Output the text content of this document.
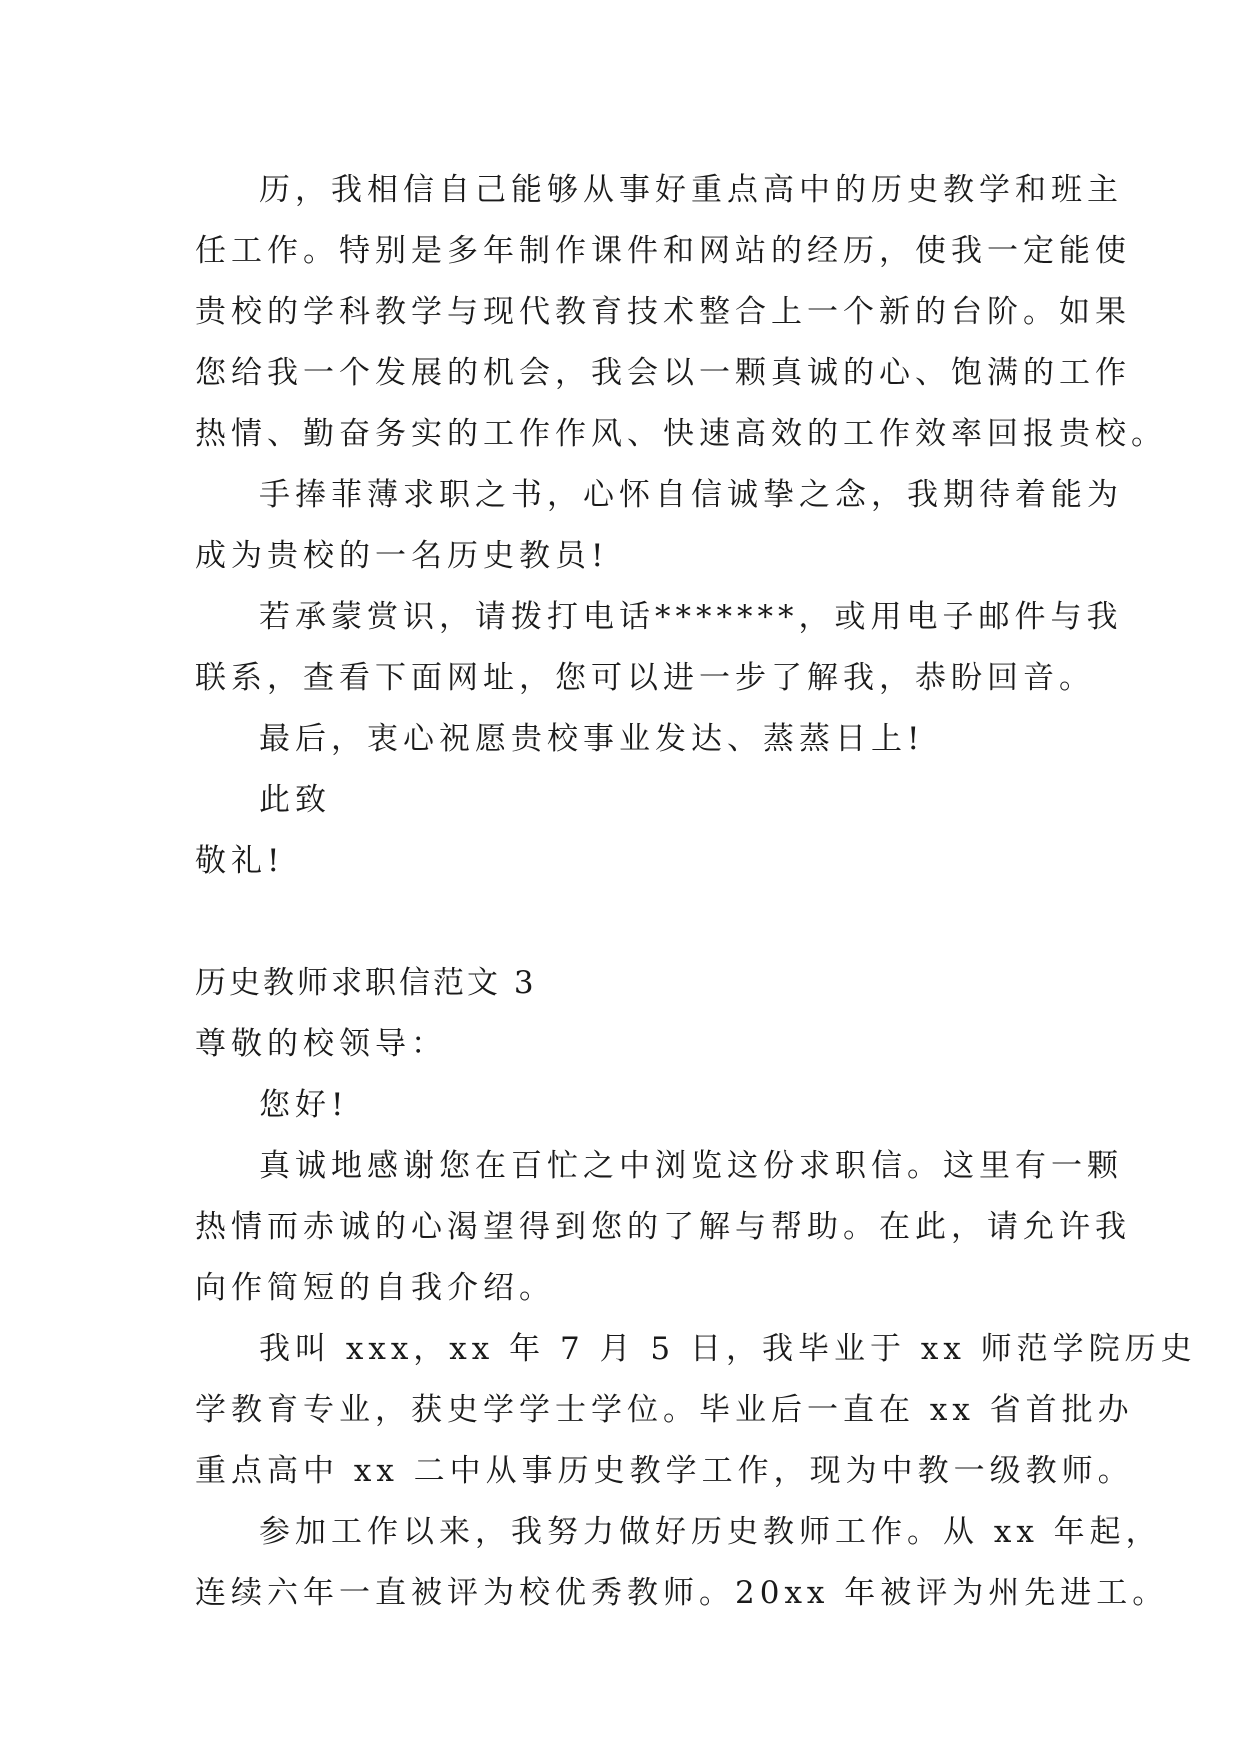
历，我相信自己能够从事好重点高中的历史教学和班主
任工作。特别是多年制作课件和网站的经历，使我一定能使
贵校的学科教学与现代教育技术整合上一个新的台阶。如果
您给我一个发展的机会，我会以一颗真诚的心、饱满的工作
热情、勤奋务实的工作作风、快速高效的工作效率回报贵校。
手捧菲薄求职之书，心怀自信诚挚之念，我期待着能为
成为贵校的一名历史教员!
若承蒙赏识，请拨打电话*******，或用电子邮件与我
联系，查看下面网址，您可以进一步了解我，恭盼回音。
最后，衷心祝愿贵校事业发达、蒸蒸日上!
此致
敬礼!
历史教师求职信范文 3
尊敬的校领导：
您好!
真诚地感谢您在百忙之中浏览这份求职信。这里有一颗
热情而赤诚的心渴望得到您的了解与帮助。在此，请允许我
向作简短的自我介绍。
我叫 xxx，xx 年 7 月 5 日，我毕业于 xx 师范学院历史
学教育专业，获史学学士学位。毕业后一直在 xx 省首批办
重点高中 xx 二中从事历史教学工作，现为中教一级教师。
参加工作以来，我努力做好历史教师工作。从 xx 年起，
连续六年一直被评为校优秀教师。20xx 年被评为州先进工。
